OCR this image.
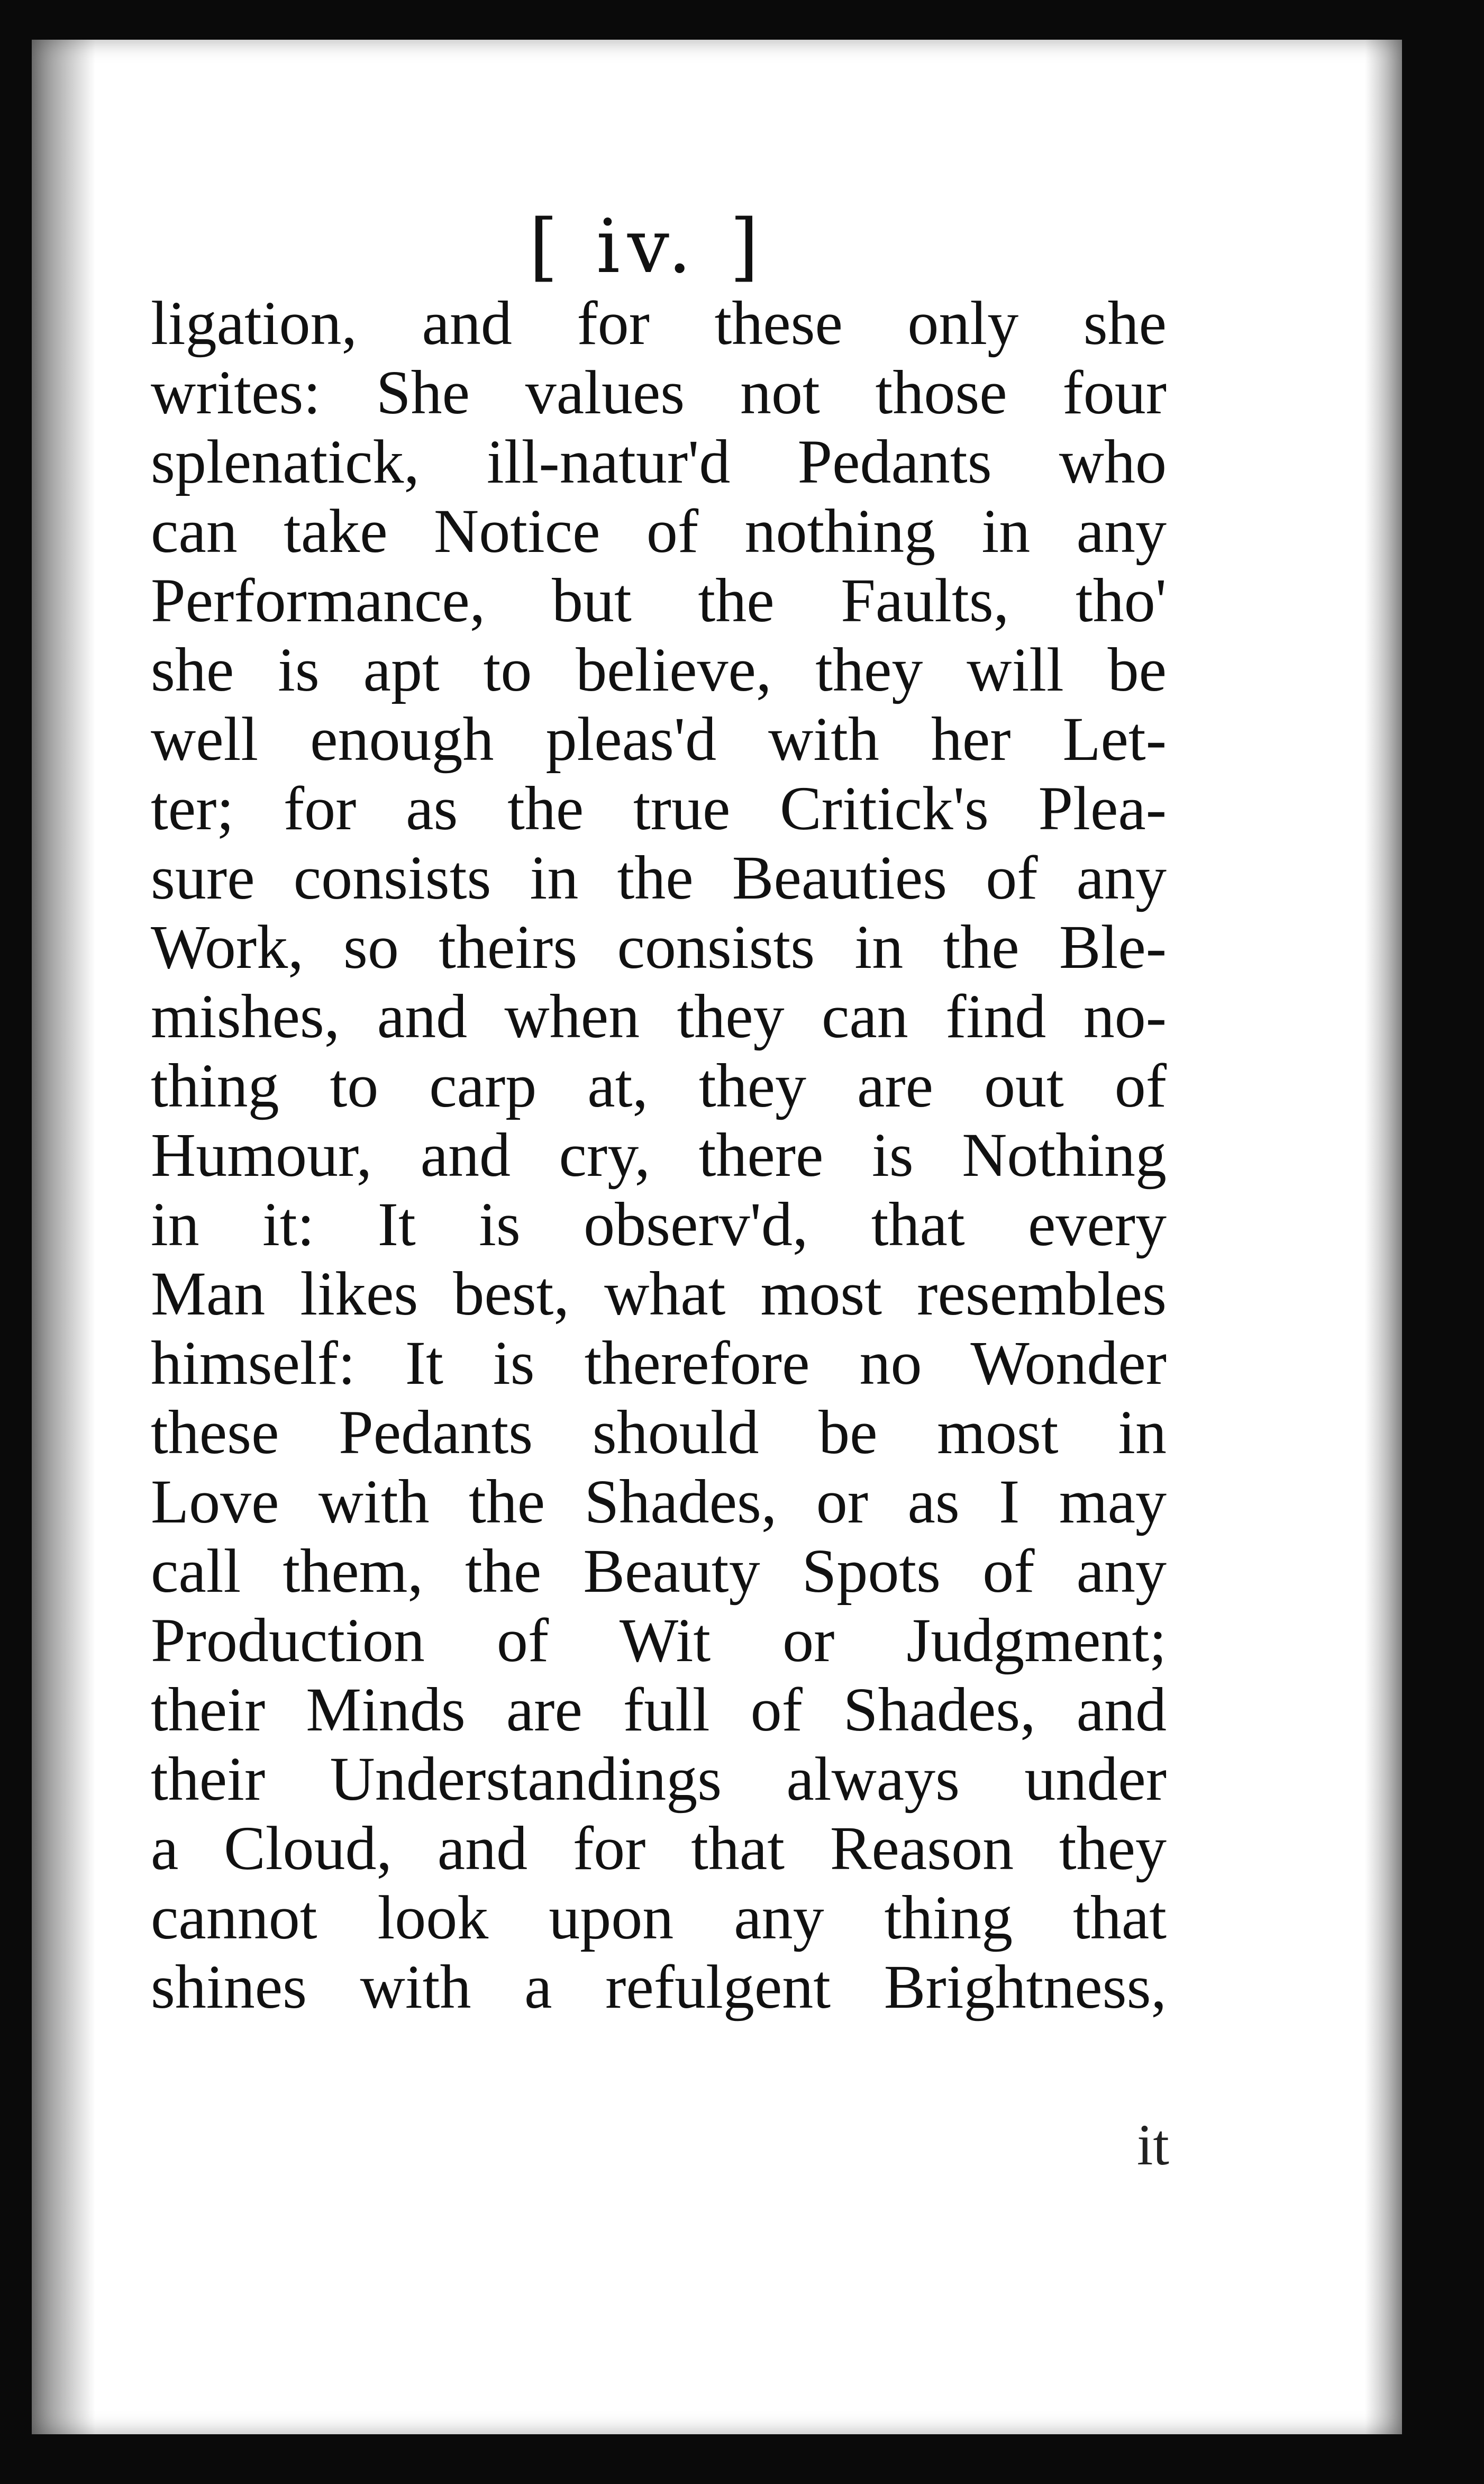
[ iv. ]
ligation, and for these only she
writes: She values not those four
splenatick, ill-natur'd Pedants who
can take Notice of nothing in any
Performance, but the Faults, tho'
she is apt to believe, they will be
well enough pleas'd with her Let-
ter; for as the true Critick's Plea-
sure consists in the Beauties of any
Work, so theirs consists in the Ble-
mishes, and when they can find no-
thing to carp at, they are out of
Humour, and cry, there is Nothing
in it: It is observ'd, that every
Man likes best, what most resembles
himself: It is therefore no Wonder
these Pedants should be most in
Love with the Shades, or as I may
call them, the Beauty Spots of any
Production of Wit or Judgment;
their Minds are full of Shades, and
their Understandings always under
a Cloud, and for that Reason they
cannot look upon any thing that
shines with a refulgent Brightness,
it
